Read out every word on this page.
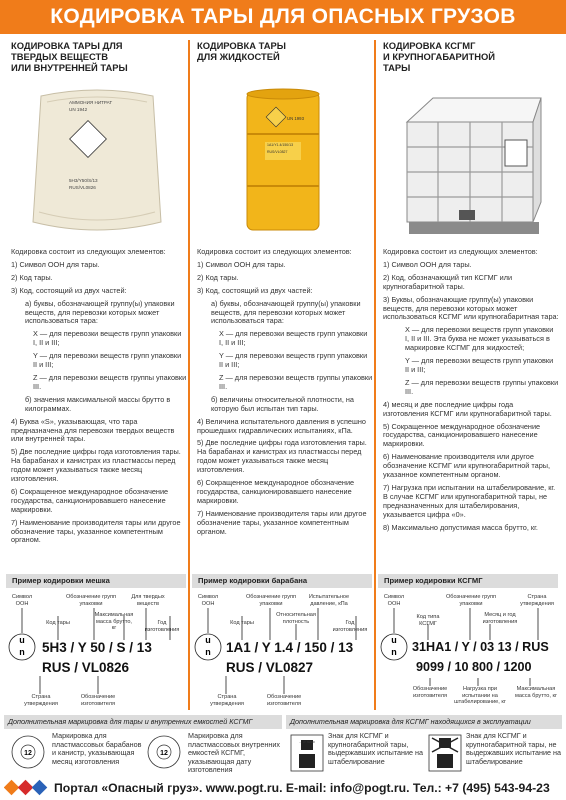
КОДИРОВКА ТАРЫ ДЛЯ ОПАСНЫХ ГРУЗОВ
КОДИРОВКА ТАРЫ ДЛЯ
ТВЕРДЫХ ВЕЩЕСТВ
ИЛИ ВНУТРЕННЕЙ ТАРЫ
АММОНИЯ НИТРАТ
UN 1942
5H3/Y50/S/13
RUS/VL0826

Кодировка состоит из следующих элементов:

1) Символ ООН для тары.

2) Код тары.

3) Код, состоящий из двух частей:

а) буквы, обозначающей группу(ы) упаковки веществ, для перевозки которых может использоваться тара:

X — для перевозки веществ групп упаковки I, II и III;

Y — для перевозки веществ групп упаковки II и III;

Z — для перевозки веществ группы упаковки III.

б) значения максимальной массы брутто в килограммах.

4) Буква «S», указывающая, что тара предназначена для перевозки твердых веществ или внутренней тары.

5) Две последние цифры года изготовления тары. На барабанах и канистрах из пластмассы перед годом может указываться также месяц изготовления.

6) Сокращенное международное обозначение государства, санкционировавшего нанесение маркировки.

7) Наименование производителя тары или другое обозначение тары, указанное компетентным органом.

КОДИРОВКА ТАРЫ
ДЛЯ ЖИДКОСТЕЙ
UN 1993
1A1/Y1.4/150/13
RUS/VL0827

Кодировка состоит из следующих элементов:

1) Символ ООН для тары.

2) Код тары.

3) Код, состоящий из двух частей:

а) буквы, обозначающей группу(ы) упаковки веществ, для перевозки которых может использоваться тара:

X — для перевозки веществ групп упаковки I, II и III;

Y — для перевозки веществ групп упаковки II и III;

Z — для перевозки веществ группы упаковки III.

б) величины относительной плотности, на которую был испытан тип тары.

4) Величина испытательного давления в успешно прошедших гидравлических испытаниях, кПа.

5) Две последние цифры года изготовления тары. На барабанах и канистрах из пластмассы перед годом может указываться также месяц изготовления.

6) Сокращенное международное обозначение государства, санкционировавшего нанесение маркировки.

7) Наименование производителя тары или другое обозначение тары, указанное компетентным органом.

КОДИРОВКА КСГМГ
И КРУПНОГАБАРИТНОЙ
ТАРЫ

Кодировка состоит из следующих элементов:

1) Символ ООН для тары.

2) Код, обозначающий тип КСГМГ или крупногабаритной тары.

3) Буквы, обозначающие группу(ы) упаковки веществ, для перевозки которых может использоваться КСГМГ или крупногабаритная тара:

X — для перевозки веществ групп упаковки I, II и III. Эта буква не может указываться в маркировке КСГМГ для жидкостей;

Y — для перевозки веществ групп упаковки II и III;

Z — для перевозки веществ группы упаковки III.

4) месяц и две последние цифры года изготовления КСГМГ или крупногабаритной тары.

5) Сокращенное международное обозначение государства, санкционировавшего нанесение маркировки.

6) Наименование производителя или другое обозначение КСГМГ или крупногабаритной тары, указанное компетентным органом.

7) Нагрузка при испытании на штабелирование, кг. В случае КСГМГ или крупногабаритной тары, не предназначенных для штабелирования, указывается цифра «0».

8) Максимально допустимая масса брутто, кг.

Пример кодировки мешка	Пример кодировки барабана	Пример кодировки КСГМГ
u
n
Символ ООН
Обозначение групп упаковки
Для твердых веществ
Код тары
Максимальная масса брутто, кг
Год изготовления
5H3 / Y 50 / S / 13
RUS / VL0826
Страна утверждения
Обозначение изготовителя
u
n
Символ ООН
Обозначение групп упаковки
Испытательное давление, кПа
Код тары
Относительная плотность	Год изготовления
1A1 / Y 1.4 / 150 / 13
RUS / VL0827
Страна утверждения
Обозначение изготовителя
u
n
Символ ООН
Обозначение групп упаковки
Страна утверждения
Код типа КСГМГ
Месяц и год изготовления
31HA1 / Y / 03 13 / RUS
9099 / 10 800 / 1200
Обозначение изготовителя
Нагрузка при испытании на штабелирование, кг
Максимальная масса брутто, кг
Дополнительная маркировка для тары и внутренних емкостей КСГМГ	Дополнительная маркировка для КСГМГ находящихся в эксплуатации
12
Маркировка для пластмассовых барабанов и канистр, указывающая месяц изготовления
12
Маркировка для пластмассовых внутренних емкостей КСГМГ, указывающая дату изготовления
... кг макс
Знак для КСГМГ и крупногабаритной тары, выдержавших испытание на штабелирование
Знак для КСГМГ и крупногабаритной тары, не выдержавших испытание на штабелирование
Портал «Опасный груз». www.pogt.ru. E-mail: info@pogt.ru. Тел.: +7 (495) 543-94-23
